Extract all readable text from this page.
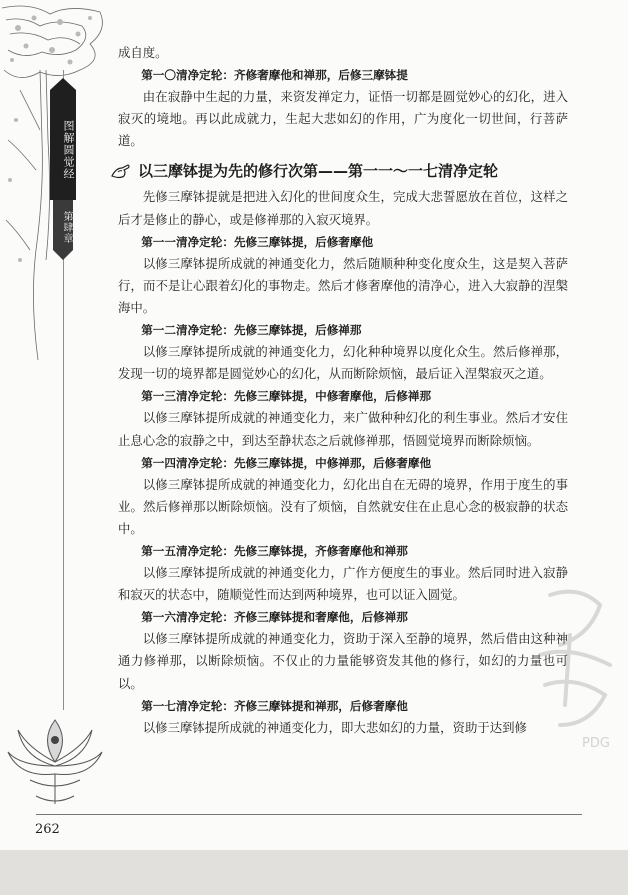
图解圆觉经
第肆章

成自度。

第一〇清净定轮：齐修奢摩他和禅那，后修三摩钵提

由在寂静中生起的力量，来资发禅定力，证悟一切都是圆觉妙心的幻化，进入寂灭的境地。再以此成就力，生起大悲如幻的作用，广为度化一切世间，行菩萨道。

以三摩钵提为先的修行次第——第一一～一七清净定轮

先修三摩钵提就是把进入幻化的世间度众生，完成大悲誓愿放在首位，这样之后才是修止的静心，或是修禅那的入寂灭境界。

第一一清净定轮：先修三摩钵提，后修奢摩他

以修三摩钵提所成就的神通变化力，然后随顺种种变化度众生，这是契入菩萨行，而不是让心跟着幻化的事物走。然后才修奢摩他的清净心，进入大寂静的涅槃海中。

第一二清净定轮：先修三摩钵提，后修禅那

以修三摩钵提所成就的神通变化力，幻化种种境界以度化众生。然后修禅那，发现一切的境界都是圆觉妙心的幻化，从而断除烦恼，最后证入涅槃寂灭之道。

第一三清净定轮：先修三摩钵提，中修奢摩他，后修禅那

以修三摩钵提所成就的神通变化力，来广做种种幻化的利生事业。然后才安住止息心念的寂静之中，到达至静状态之后就修禅那，悟圆觉境界而断除烦恼。

第一四清净定轮：先修三摩钵提，中修禅那，后修奢摩他

以修三摩钵提所成就的神通变化力，幻化出自在无碍的境界，作用于度生的事业。然后修禅那以断除烦恼。没有了烦恼，自然就安住在止息心念的极寂静的状态中。

第一五清净定轮：先修三摩钵提，齐修奢摩他和禅那

以修三摩钵提所成就的神通变化力，广作方便度生的事业。然后同时进入寂静和寂灭的状态中，随顺觉性而达到两种境界，也可以证入圆觉。

第一六清净定轮：齐修三摩钵提和奢摩他，后修禅那

以修三摩钵提所成就的神通变化力，资助于深入至静的境界，然后借由这种神通力修禅那，以断除烦恼。不仅止的力量能够资发其他的修行，如幻的力量也可以。

第一七清净定轮：齐修三摩钵提和禅那，后修奢摩他

以修三摩钵提所成就的神通变化力，即大悲如幻的力量，资助于达到修

PDG
262
